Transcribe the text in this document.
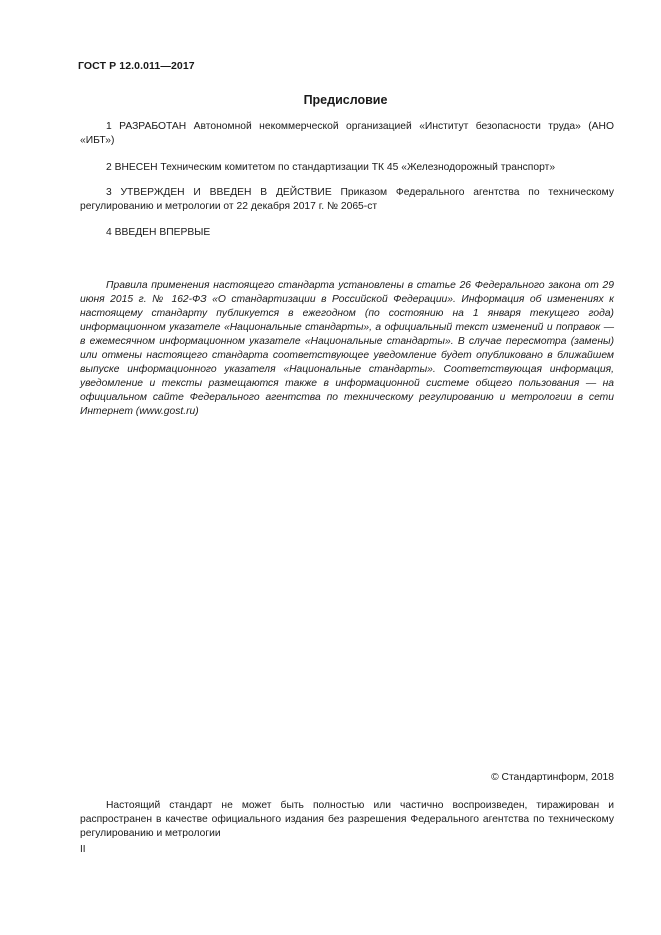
ГОСТ Р 12.0.011—2017
Предисловие
1 РАЗРАБОТАН Автономной некоммерческой организацией «Институт безопасности труда» (АНО «ИБТ»)
2 ВНЕСЕН Техническим комитетом по стандартизации ТК 45 «Железнодорожный транспорт»
3 УТВЕРЖДЕН И ВВЕДЕН В ДЕЙСТВИЕ Приказом Федерального агентства по техническому регулированию и метрологии от 22 декабря 2017 г. № 2065-ст
4 ВВЕДЕН ВПЕРВЫЕ
Правила применения настоящего стандарта установлены в статье 26 Федерального закона от 29 июня 2015 г. № 162-ФЗ «О стандартизации в Российской Федерации». Информация об изменениях к настоящему стандарту публикуется в ежегодном (по состоянию на 1 января текущего года) информационном указателе «Национальные стандарты», а официальный текст изменений и поправок — в ежемесячном информационном указателе «Национальные стандарты». В случае пересмотра (замены) или отмены настоящего стандарта соответствующее уведомление будет опубликовано в ближайшем выпуске информационного указателя «Национальные стандарты». Соответствующая информация, уведомление и тексты размещаются также в информационной системе общего пользования — на официальном сайте Федерального агентства по техническому регулированию и метрологии в сети Интернет (www.gost.ru)
© Стандартинформ, 2018
Настоящий стандарт не может быть полностью или частично воспроизведен, тиражирован и распространен в качестве официального издания без разрешения Федерального агентства по техническому регулированию и метрологии
II
